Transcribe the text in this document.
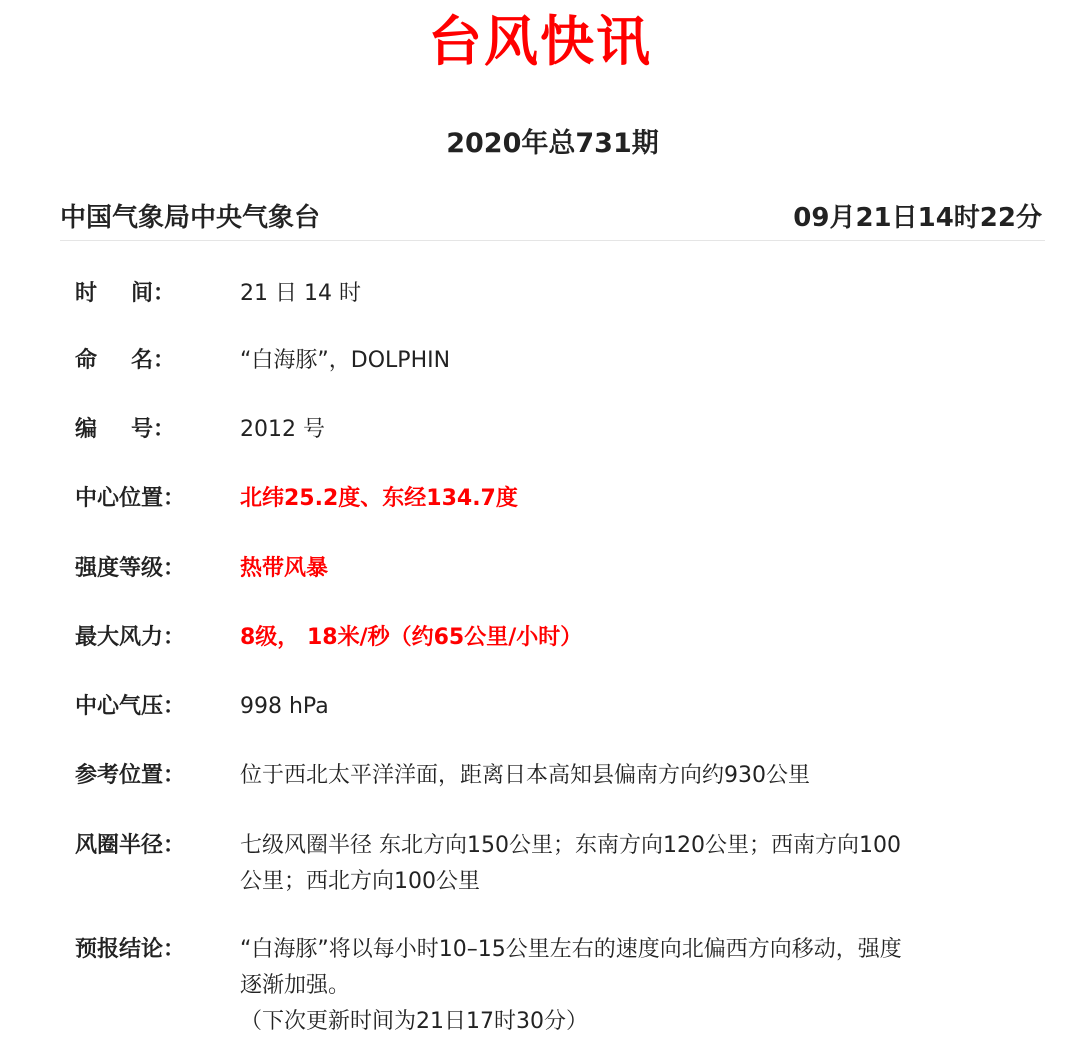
台风快讯
2020年总731期
中国气象局中央气象台	09月21日14时22分
时 间：	21 日 14 时
命 名：	“白海豚”，DOLPHIN
编 号：	2012 号
中心位置：	北纬25.2度、东经134.7度
强度等级：	热带风暴
最大风力：	8级， 18米/秒（约65公里/小时）
中心气压：	998 hPa
参考位置：	位于西北太平洋洋面，距离日本高知县偏南方向约930公里
风圈半径：	七级风圈半径 东北方向150公里；东南方向120公里；西南方向100
公里；西北方向100公里
预报结论：	“白海豚”将以每小时10–15公里左右的速度向北偏西方向移动，强度
逐渐加强。
（下次更新时间为21日17时30分）
